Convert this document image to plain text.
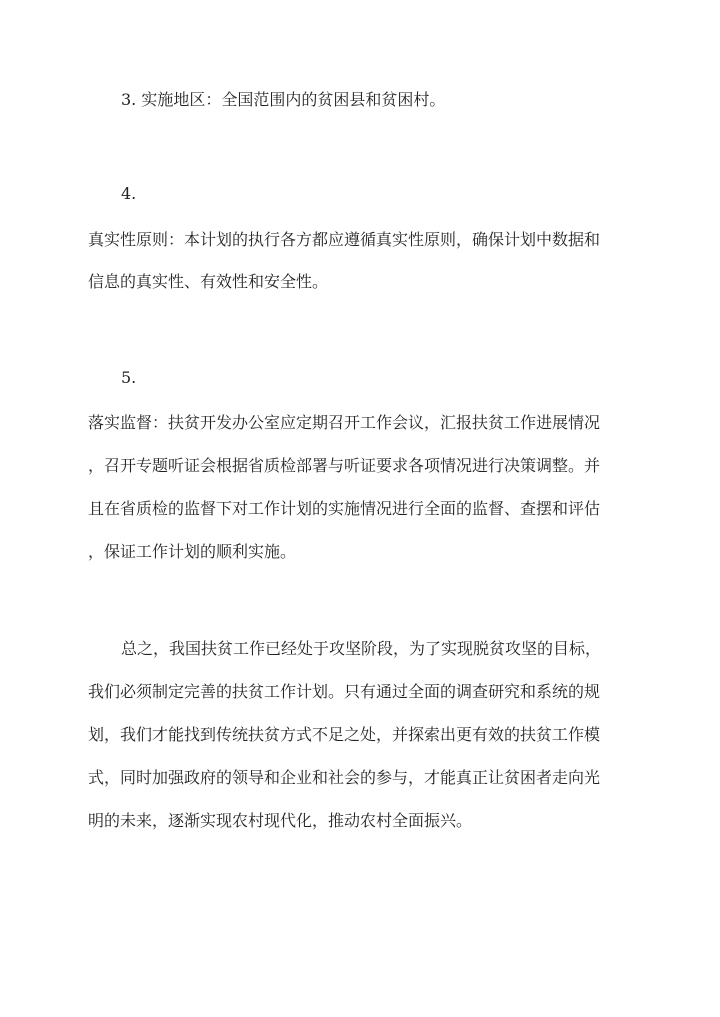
3. 实施地区：全国范围内的贫困县和贫困村。
4.
真实性原则：本计划的执行各方都应遵循真实性原则，确保计划中数据和
信息的真实性、有效性和安全性。
5.
落实监督：扶贫开发办公室应定期召开工作会议，汇报扶贫工作进展情况
，召开专题听证会根据省质检部署与听证要求各项情况进行决策调整。并
且在省质检的监督下对工作计划的实施情况进行全面的监督、查摆和评估
，保证工作计划的顺利实施。
总之，我国扶贫工作已经处于攻坚阶段，为了实现脱贫攻坚的目标，
我们必须制定完善的扶贫工作计划。只有通过全面的调查研究和系统的规
划，我们才能找到传统扶贫方式不足之处，并探索出更有效的扶贫工作模
式，同时加强政府的领导和企业和社会的参与，才能真正让贫困者走向光
明的未来，逐渐实现农村现代化，推动农村全面振兴。
